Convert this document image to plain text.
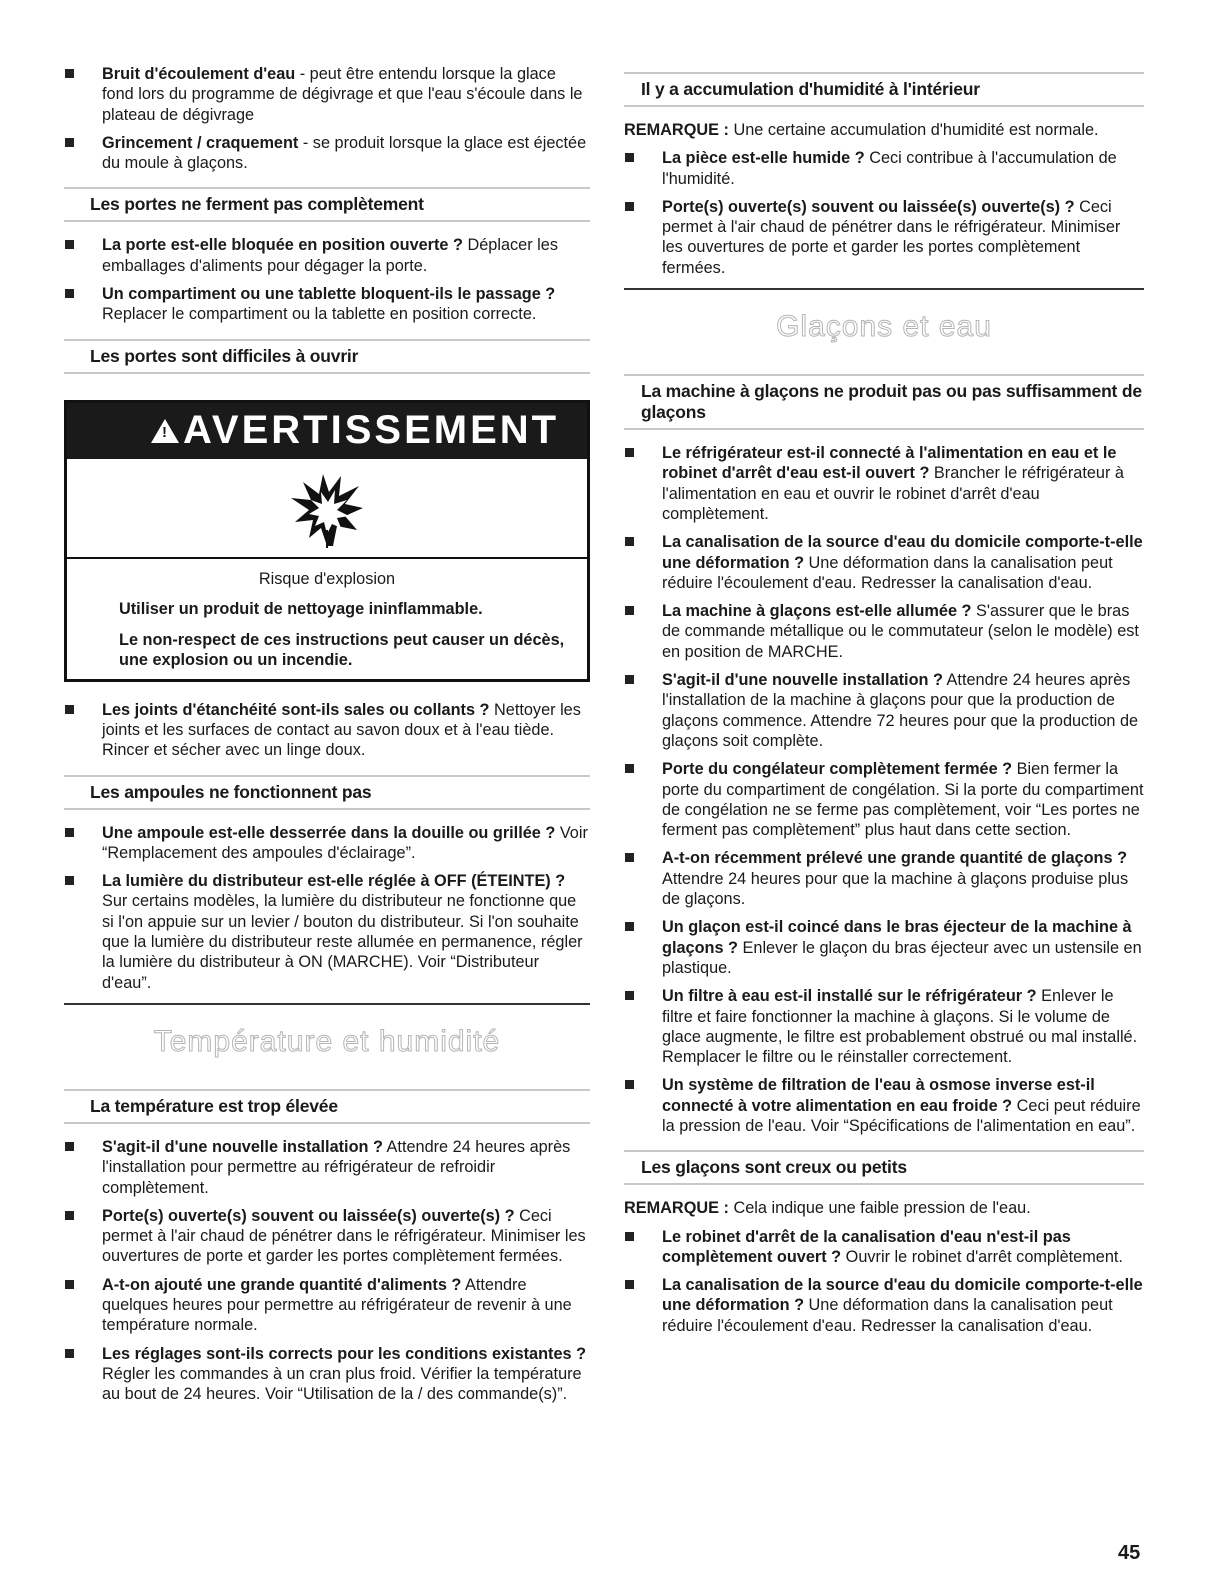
Bruit d'écoulement d'eau - peut être entendu lorsque la glace fond lors du programme de dégivrage et que l'eau s'écoule dans le plateau de dégivrage
Grincement / craquement - se produit lorsque la glace est éjectée du moule à glaçons.
Les portes ne ferment pas complètement
La porte est-elle bloquée en position ouverte ? Déplacer les emballages d'aliments pour dégager la porte.
Un compartiment ou une tablette bloquent-ils le passage ? Replacer le compartiment ou la tablette en position correcte.
Les portes sont difficiles à ouvrir
! AVERTISSEMENT
Risque d'explosion
Utiliser un produit de nettoyage ininflammable.
Le non-respect de ces instructions peut causer un décès, une explosion ou un incendie.
Les joints d'étanchéité sont-ils sales ou collants ? Nettoyer les joints et les surfaces de contact au savon doux et à l'eau tiède. Rincer et sécher avec un linge doux.
Les ampoules ne fonctionnent pas
Une ampoule est-elle desserrée dans la douille ou grillée ? Voir “Remplacement des ampoules d'éclairage”.
La lumière du distributeur est-elle réglée à OFF (ÉTEINTE) ? Sur certains modèles, la lumière du distributeur ne fonctionne que si l'on appuie sur un levier / bouton du distributeur. Si l'on souhaite que la lumière du distributeur reste allumée en permanence, régler la lumière du distributeur à ON (MARCHE). Voir “Distributeur d'eau”.
Température et humidité
La température est trop élevée
S'agit-il d'une nouvelle installation ? Attendre 24 heures après l'installation pour permettre au réfrigérateur de refroidir complètement.
Porte(s) ouverte(s) souvent ou laissée(s) ouverte(s) ? Ceci permet à l'air chaud de pénétrer dans le réfrigérateur. Minimiser les ouvertures de porte et garder les portes complètement fermées.
A-t-on ajouté une grande quantité d'aliments ? Attendre quelques heures pour permettre au réfrigérateur de revenir à une température normale.
Les réglages sont-ils corrects pour les conditions existantes ? Régler les commandes à un cran plus froid. Vérifier la température au bout de 24 heures. Voir “Utilisation de la / des commande(s)”.
Il y a accumulation d'humidité à l'intérieur
REMARQUE : Une certaine accumulation d'humidité est normale.
La pièce est-elle humide ? Ceci contribue à l'accumulation de l'humidité.
Porte(s) ouverte(s) souvent ou laissée(s) ouverte(s) ? Ceci permet à l'air chaud de pénétrer dans le réfrigérateur. Minimiser les ouvertures de porte et garder les portes complètement fermées.
Glaçons et eau
La machine à glaçons ne produit pas ou pas suffisamment de glaçons
Le réfrigérateur est-il connecté à l'alimentation en eau et le robinet d'arrêt d'eau est-il ouvert ? Brancher le réfrigérateur à l'alimentation en eau et ouvrir le robinet d'arrêt d'eau complètement.
La canalisation de la source d'eau du domicile comporte-t-elle une déformation ? Une déformation dans la canalisation peut réduire l'écoulement d'eau. Redresser la canalisation d'eau.
La machine à glaçons est-elle allumée ? S'assurer que le bras de commande métallique ou le commutateur (selon le modèle) est en position de MARCHE.
S'agit-il d'une nouvelle installation ? Attendre 24 heures après l'installation de la machine à glaçons pour que la production de glaçons commence. Attendre 72 heures pour que la production de glaçons soit complète.
Porte du congélateur complètement fermée ? Bien fermer la porte du compartiment de congélation. Si la porte du compartiment de congélation ne se ferme pas complètement, voir “Les portes ne ferment pas complètement” plus haut dans cette section.
A-t-on récemment prélevé une grande quantité de glaçons ? Attendre 24 heures pour que la machine à glaçons produise plus de glaçons.
Un glaçon est-il coincé dans le bras éjecteur de la machine à glaçons ? Enlever le glaçon du bras éjecteur avec un ustensile en plastique.
Un filtre à eau est-il installé sur le réfrigérateur ? Enlever le filtre et faire fonctionner la machine à glaçons. Si le volume de glace augmente, le filtre est probablement obstrué ou mal installé. Remplacer le filtre ou le réinstaller correctement.
Un système de filtration de l'eau à osmose inverse est-il connecté à votre alimentation en eau froide ? Ceci peut réduire la pression de l'eau. Voir “Spécifications de l'alimentation en eau”.
Les glaçons sont creux ou petits
REMARQUE : Cela indique une faible pression de l'eau.
Le robinet d'arrêt de la canalisation d'eau n'est-il pas complètement ouvert ? Ouvrir le robinet d'arrêt complètement.
La canalisation de la source d'eau du domicile comporte-t-elle une déformation ? Une déformation dans la canalisation peut réduire l'écoulement d'eau. Redresser la canalisation d'eau.
45
